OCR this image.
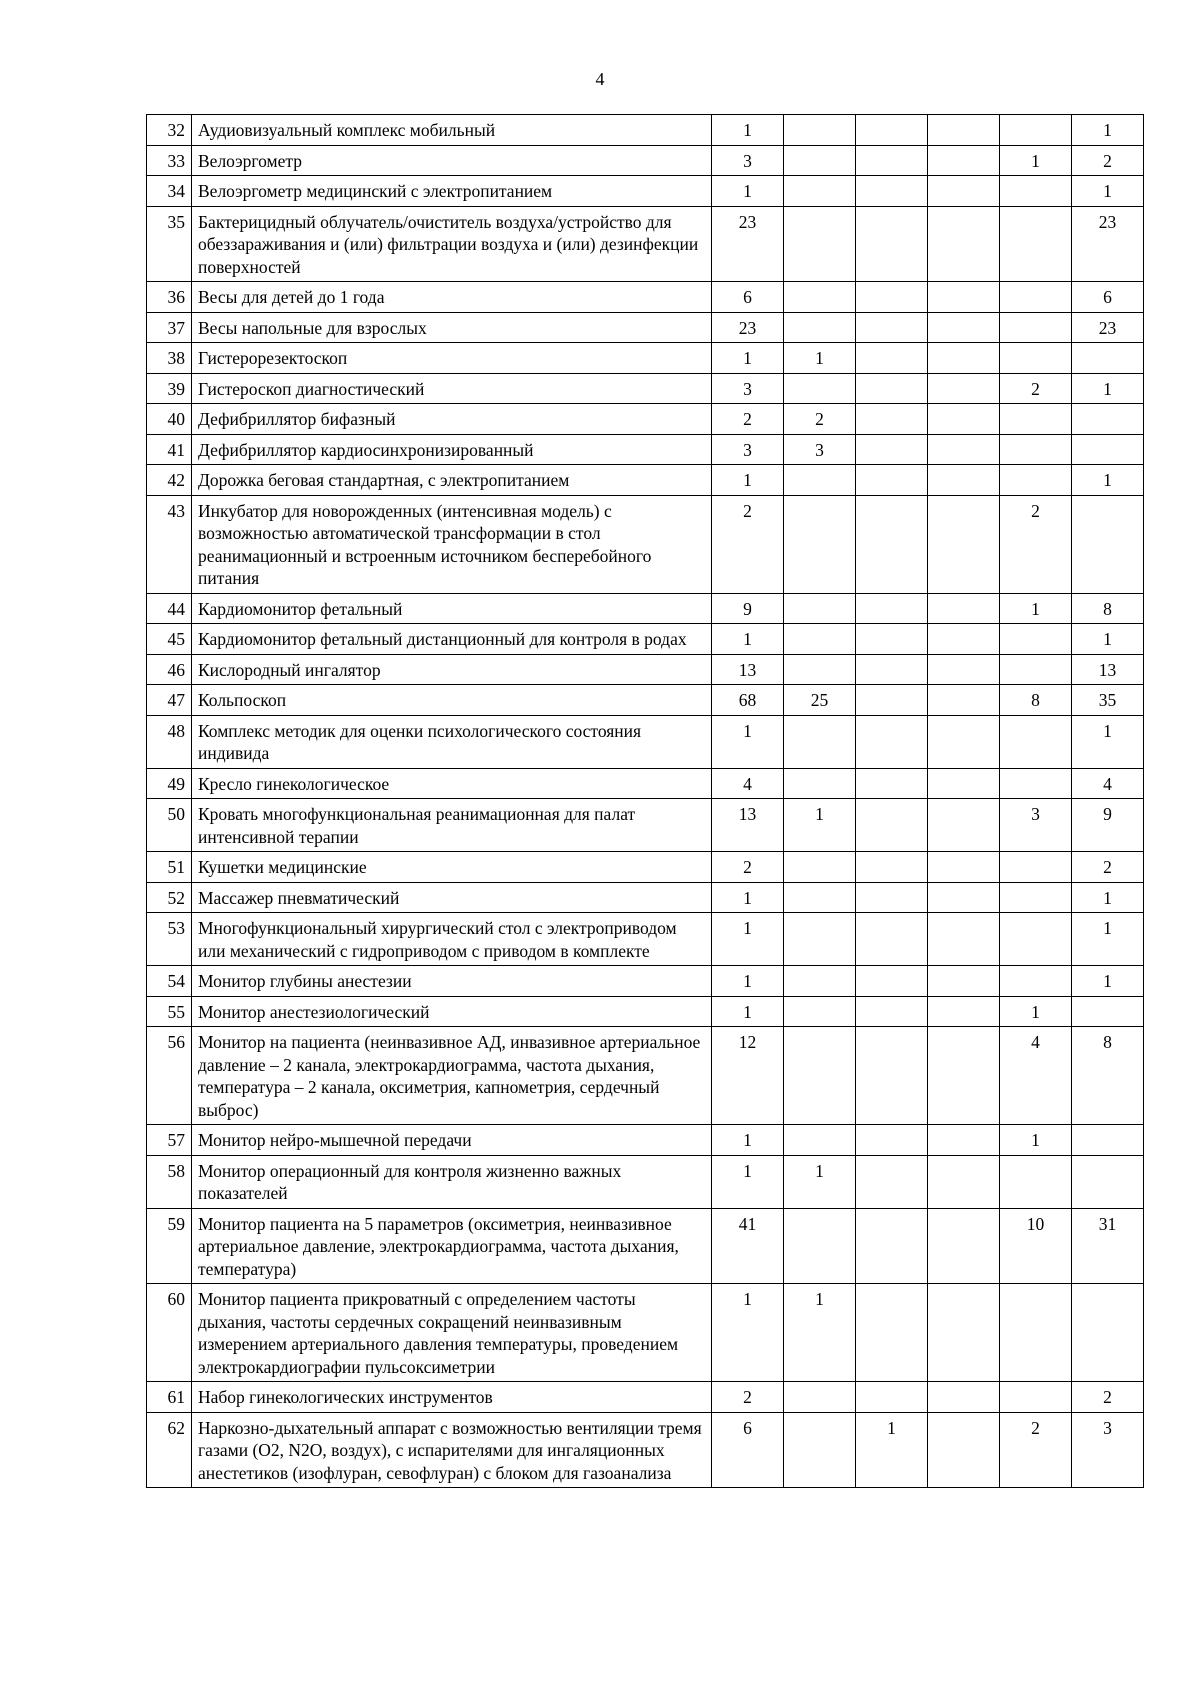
4
32	Аудиовизуальный комплекс мобильный	1					1
33	Велоэргометр	3				1	2
34	Велоэргометр медицинский с электропитанием	1					1
35	Бактерицидный облучатель/очиститель воздуха/устройство для обеззараживания и (или) фильтрации воздуха и (или) дезинфекции поверхностей	23					23
36	Весы для детей до 1 года	6					6
37	Весы напольные для взрослых	23					23
38	Гистерорезектоскоп	1	1				
39	Гистероскоп диагностический	3				2	1
40	Дефибриллятор бифазный	2	2				
41	Дефибриллятор кардиосинхронизированный	3	3				
42	Дорожка беговая стандартная, с электропитанием	1					1
43	Инкубатор для новорожденных (интенсивная модель) с возможностью автоматической трансформации в стол реанимационный и встроенным источником бесперебойного питания	2				2	
44	Кардиомонитор фетальный	9				1	8
45	Кардиомонитор фетальный дистанционный для контроля в родах	1					1
46	Кислородный ингалятор	13					13
47	Кольпоскоп	68	25			8	35
48	Комплекс методик для оценки психологического состояния индивида	1					1
49	Кресло гинекологическое	4					4
50	Кровать многофункциональная реанимационная для палат интенсивной терапии	13	1			3	9
51	Кушетки медицинские	2					2
52	Массажер пневматический	1					1
53	Многофункциональный хирургический стол с электроприводом или механический с гидроприводом с приводом в комплекте	1					1
54	Монитор глубины анестезии	1					1
55	Монитор анестезиологический	1				1	
56	Монитор на пациента (неинвазивное АД, инвазивное артериальное давление – 2 канала, электрокардиограмма, частота дыхания, температура – 2 канала, оксиметрия, капнометрия, сердечный выброс)	12				4	8
57	Монитор нейро-мышечной передачи	1				1	
58	Монитор операционный для контроля жизненно важных показателей	1	1				
59	Монитор пациента на 5 параметров (оксиметрия, неинвазивное артериальное давление, электрокардиограмма, частота дыхания, температура)	41				10	31
60	Монитор пациента прикроватный с определением частоты дыхания, частоты сердечных сокращений неинвазивным измерением артериального давления температуры, проведением электрокардиографии пульсоксиметрии	1	1				
61	Набор гинекологических инструментов	2					2
62	Наркозно-дыхательный аппарат с возможностью вентиляции тремя газами (O2, N2O, воздух), с испарителями для ингаляционных анестетиков (изофлуран, севофлуран) с блоком для газоанализа	6		1		2	3
